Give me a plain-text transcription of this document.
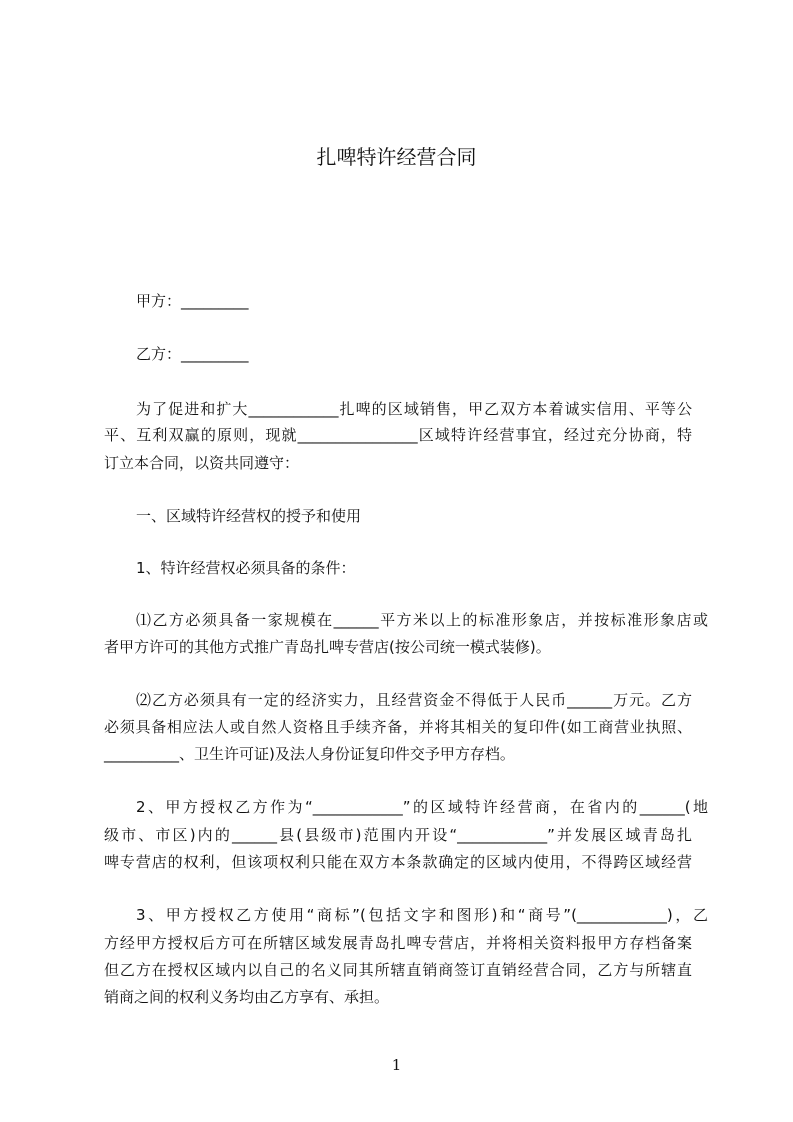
扎啤特许经营合同
甲方：_________
乙方：_________
为了促进和扩大____________扎啤的区域销售，甲乙双方本着诚实信用、平等公
平、互利双赢的原则，现就________________区域特许经营事宜，经过充分协商，特
订立本合同，以资共同遵守：
一、区域特许经营权的授予和使用
1、特许经营权必须具备的条件：
⑴乙方必须具备一家规模在______平方米以上的标准形象店，并按标准形象店或
者甲方许可的其他方式推广青岛扎啤专营店(按公司统一模式装修)。
⑵乙方必须具有一定的经济实力，且经营资金不得低于人民币______万元。乙方
必须具备相应法人或自然人资格且手续齐备，并将其相关的复印件(如工商营业执照、
__________、卫生许可证)及法人身份证复印件交予甲方存档。
2、甲方授权乙方作为“____________”的区域特许经营商，在省内的______(地
级市、市区)内的______县(县级市)范围内开设“____________”并发展区域青岛扎
啤专营店的权利，但该项权利只能在双方本条款确定的区域内使用，不得跨区域经营
3、甲方授权乙方使用“商标”(包括文字和图形)和“商号”(____________)，乙
方经甲方授权后方可在所辖区域发展青岛扎啤专营店，并将相关资料报甲方存档备案
但乙方在授权区域内以自己的名义同其所辖直销商签订直销经营合同，乙方与所辖直
销商之间的权利义务均由乙方享有、承担。
1
